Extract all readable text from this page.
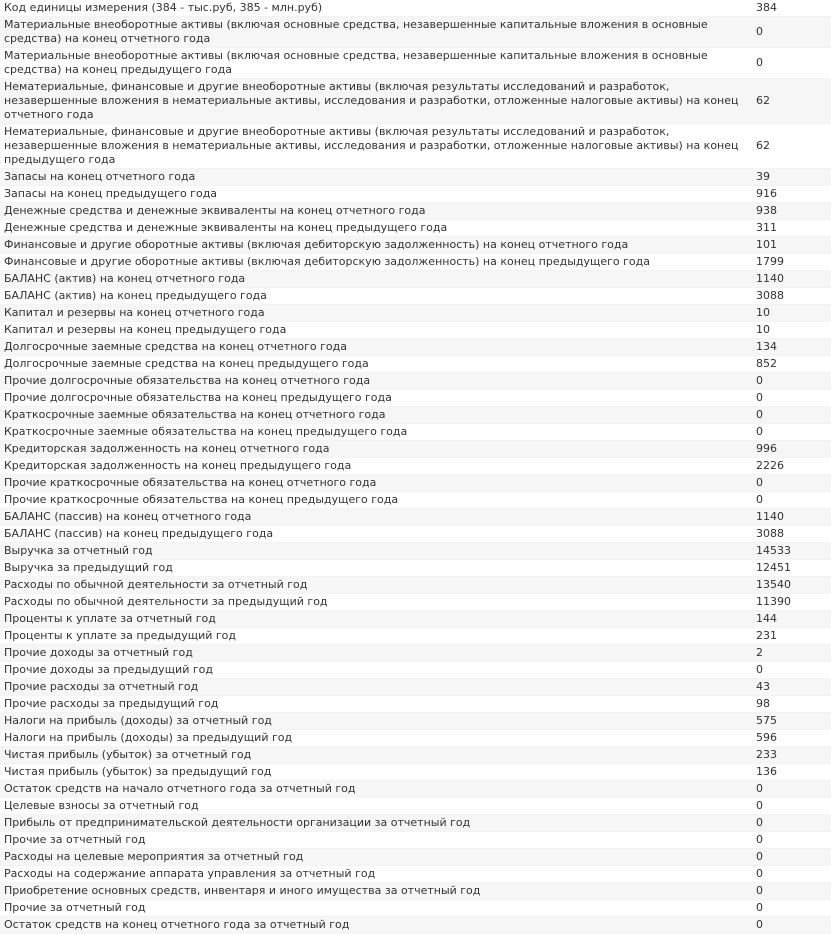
Код единицы измерения (384 - тыс.руб, 385 - млн.руб)	384
Материальные внеоборотные активы (включая основные средства, незавершенные капитальные вложения в основные средства) на конец отчетного года	0
Материальные внеоборотные активы (включая основные средства, незавершенные капитальные вложения в основные средства) на конец предыдущего года	0
Нематериальные, финансовые и другие внеоборотные активы (включая результаты исследований и разработок, незавершенные вложения в нематериальные активы, исследования и разработки, отложенные налоговые активы) на конец отчетного года	62
Нематериальные, финансовые и другие внеоборотные активы (включая результаты исследований и разработок, незавершенные вложения в нематериальные активы, исследования и разработки, отложенные налоговые активы) на конец предыдущего года	62
Запасы на конец отчетного года	39
Запасы на конец предыдущего года	916
Денежные средства и денежные эквиваленты на конец отчетного года	938
Денежные средства и денежные эквиваленты на конец предыдущего года	311
Финансовые и другие оборотные активы (включая дебиторскую задолженность) на конец отчетного года	101
Финансовые и другие оборотные активы (включая дебиторскую задолженность) на конец предыдущего года	1799
БАЛАНС (актив) на конец отчетного года	1140
БАЛАНС (актив) на конец предыдущего года	3088
Капитал и резервы на конец отчетного года	10
Капитал и резервы на конец предыдущего года	10
Долгосрочные заемные средства на конец отчетного года	134
Долгосрочные заемные средства на конец предыдущего года	852
Прочие долгосрочные обязательства на конец отчетного года	0
Прочие долгосрочные обязательства на конец предыдущего года	0
Краткосрочные заемные обязательства на конец отчетного года	0
Краткосрочные заемные обязательства на конец предыдущего года	0
Кредиторская задолженность на конец отчетного года	996
Кредиторская задолженность на конец предыдущего года	2226
Прочие краткосрочные обязательства на конец отчетного года	0
Прочие краткосрочные обязательства на конец предыдущего года	0
БАЛАНС (пассив) на конец отчетного года	1140
БАЛАНС (пассив) на конец предыдущего года	3088
Выручка за отчетный год	14533
Выручка за предыдущий год	12451
Расходы по обычной деятельности за отчетный год	13540
Расходы по обычной деятельности за предыдущий год	11390
Проценты к уплате за отчетный год	144
Проценты к уплате за предыдущий год	231
Прочие доходы за отчетный год	2
Прочие доходы за предыдущий год	0
Прочие расходы за отчетный год	43
Прочие расходы за предыдущий год	98
Налоги на прибыль (доходы) за отчетный год	575
Налоги на прибыль (доходы) за предыдущий год	596
Чистая прибыль (убыток) за отчетный год	233
Чистая прибыль (убыток) за предыдущий год	136
Остаток средств на начало отчетного года за отчетный год	0
Целевые взносы за отчетный год	0
Прибыль от предпринимательской деятельности организации за отчетный год	0
Прочие за отчетный год	0
Расходы на целевые мероприятия за отчетный год	0
Расходы на содержание аппарата управления за отчетный год	0
Приобретение основных средств, инвентаря и иного имущества за отчетный год	0
Прочие за отчетный год	0
Остаток средств на конец отчетного года за отчетный год	0
